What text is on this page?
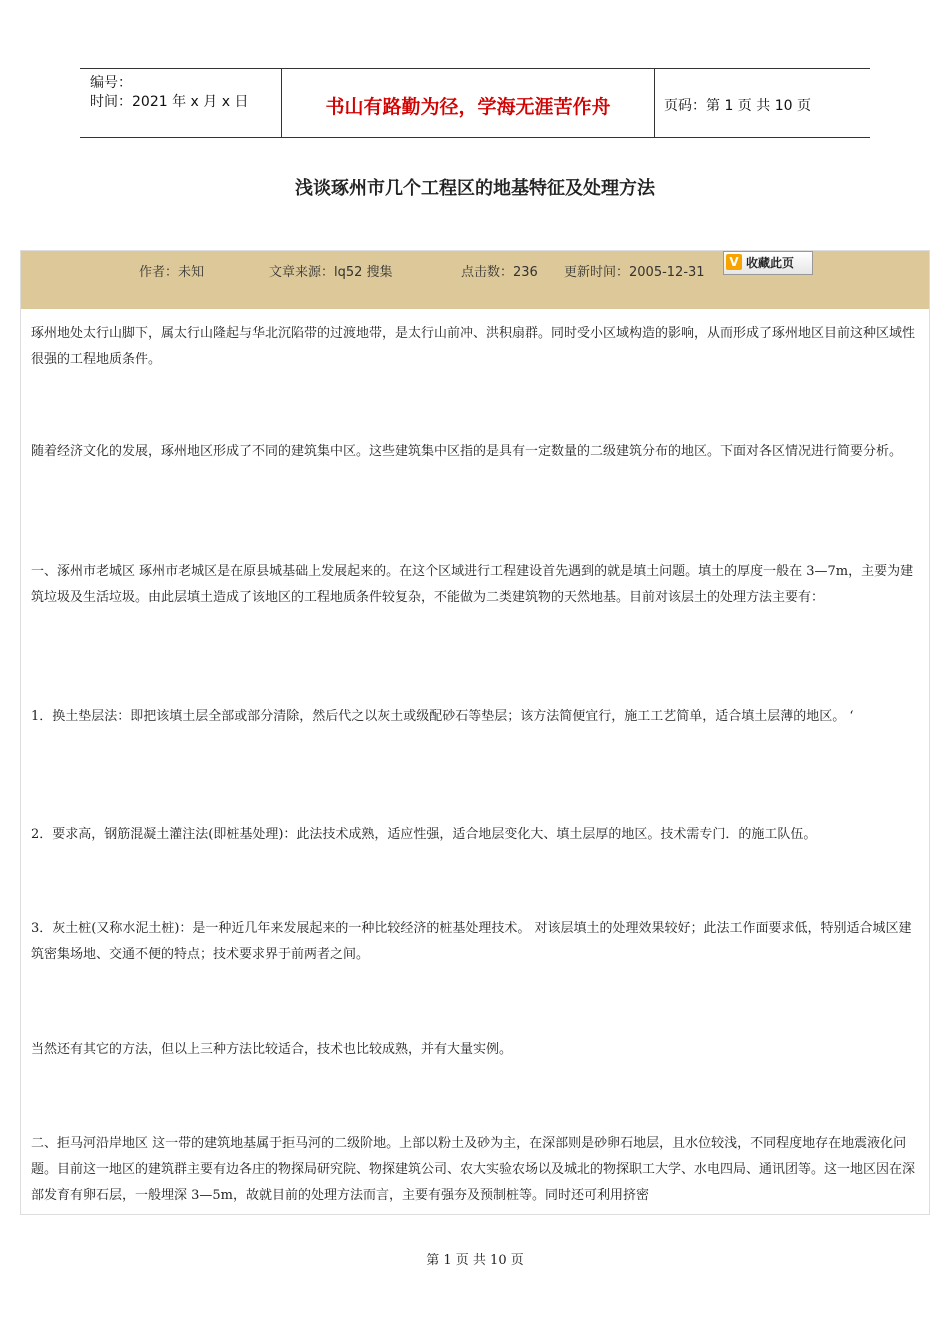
编号：
时间：2021 年 x 月 x 日	书山有路勤为径，学海无涯苦作舟	页码：第 1 页 共 10 页
浅谈琢州市几个工程区的地基特征及处理方法
作者：未知	文章来源：lq52 搜集	点击数：236 更新时间：2005-12-31
V 收藏此页
琢州地处太行山脚下，属太行山隆起与华北沉陷带的过渡地带，是太行山前冲、洪积扇群。同时受小区域构造的影响，从而形成了琢州地区目前这种区域性很强的工程地质条件。
随着经济文化的发展，琢州地区形成了不同的建筑集中区。这些建筑集中区指的是具有一定数量的二级建筑分布的地区。下面对各区情况进行简要分析。
一、涿州市老城区 琢州市老城区是在原县城基础上发展起来的。在这个区域进行工程建设首先遇到的就是填土问题。填土的厚度一般在 3—7m，主要为建筑垃圾及生活垃圾。由此层填土造成了该地区的工程地质条件较复杂，不能做为二类建筑物的天然地基。目前对该层土的处理方法主要有：
1．换土垫层法：即把该填土层全部或部分清除，然后代之以灰土或级配砂石等垫层；该方法简便宜行，施工工艺简单，适合填土层薄的地区。 ‘
2．要求高，钢筋混凝土灌注法(即桩基处理)：此法技术成熟，适应性强，适合地层变化大、填土层厚的地区。技术需专门．的施工队伍。
3．灰土桩(又称水泥土桩)：是一种近几年来发展起来的一种比较经济的桩基处理技术。 对该层填土的处理效果较好；此法工作面要求低，特别适合城区建筑密集场地、交通不便的特点；技术要求界于前两者之间。
当然还有其它的方法，但以上三种方法比较适合，技术也比较成熟，并有大量实例。
二、拒马河沿岸地区 这一带的建筑地基属于拒马河的二级阶地。上部以粉土及砂为主，在深部则是砂卵石地层，且水位较浅，不同程度地存在地震液化问题。目前这一地区的建筑群主要有边各庄的物探局研究院、物探建筑公司、农大实验农场以及城北的物探职工大学、水电四局、通讯团等。这一地区因在深部发育有卵石层，一般埋深 3—5m，故就目前的处理方法而言，主要有强夯及预制桩等。同时还可利用挤密
第 1 页 共 10 页
